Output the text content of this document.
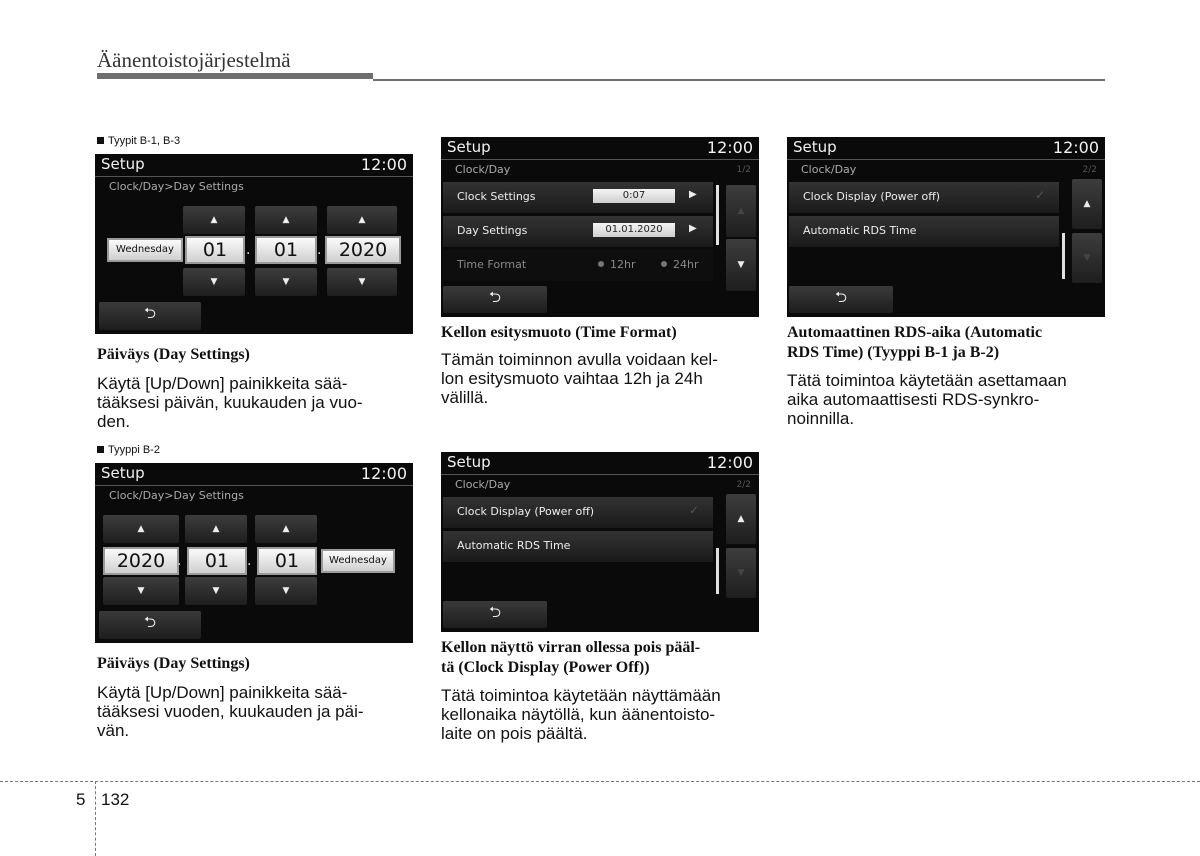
Äänentoistojärjestelmä
Tyypit B-1, B-3
Setup	12:00
Clock/Day>Day Settings
▲	▲	▲
Wednesday	01	.	01	. 2020
▼	▼	▼
⮌
Päiväys (Day Settings)
Käytä [Up/Down] painikkeita sää-
tääksesi päivän, kuukauden ja vuo-
den.
Tyyppi B-2
Setup	12:00
Clock/Day>Day Settings
▲	▲	▲
2020 .	01	.	01	Wednesday
▼	▼	▼
⮌
Päiväys (Day Settings)
Käytä [Up/Down] painikkeita sää-
tääksesi vuoden, kuukauden ja päi-
vän.
Setup	12:00
Clock/Day	1/2
Clock Settings	0:07	▶
Day Settings	01.01.2020	▶
Time Format	12hr	24hr
▲
▼
⮌
Kellon esitysmuoto (Time Format)
Tämän toiminnon avulla voidaan kel-
lon esitysmuoto vaihtaa 12h ja 24h
välillä.
Setup	12:00
Clock/Day	2/2
Clock Display (Power off)	✓
Automatic RDS Time
▲
▼
⮌
Kellon näyttö virran ollessa pois pääl-
tä (Clock Display (Power Off))
Tätä toimintoa käytetään näyttämään
kellonaika näytöllä, kun äänentoisto-
laite on pois päältä.
Setup	12:00
Clock/Day	2/2
Clock Display (Power off)	✓
Automatic RDS Time
▲
▼
⮌
Automaattinen RDS-aika (Automatic
RDS Time) (Tyyppi B-1 ja B-2)
Tätä toimintoa käytetään asettamaan
aika automaattisesti RDS-synkro-
noinnilla.
5 132
